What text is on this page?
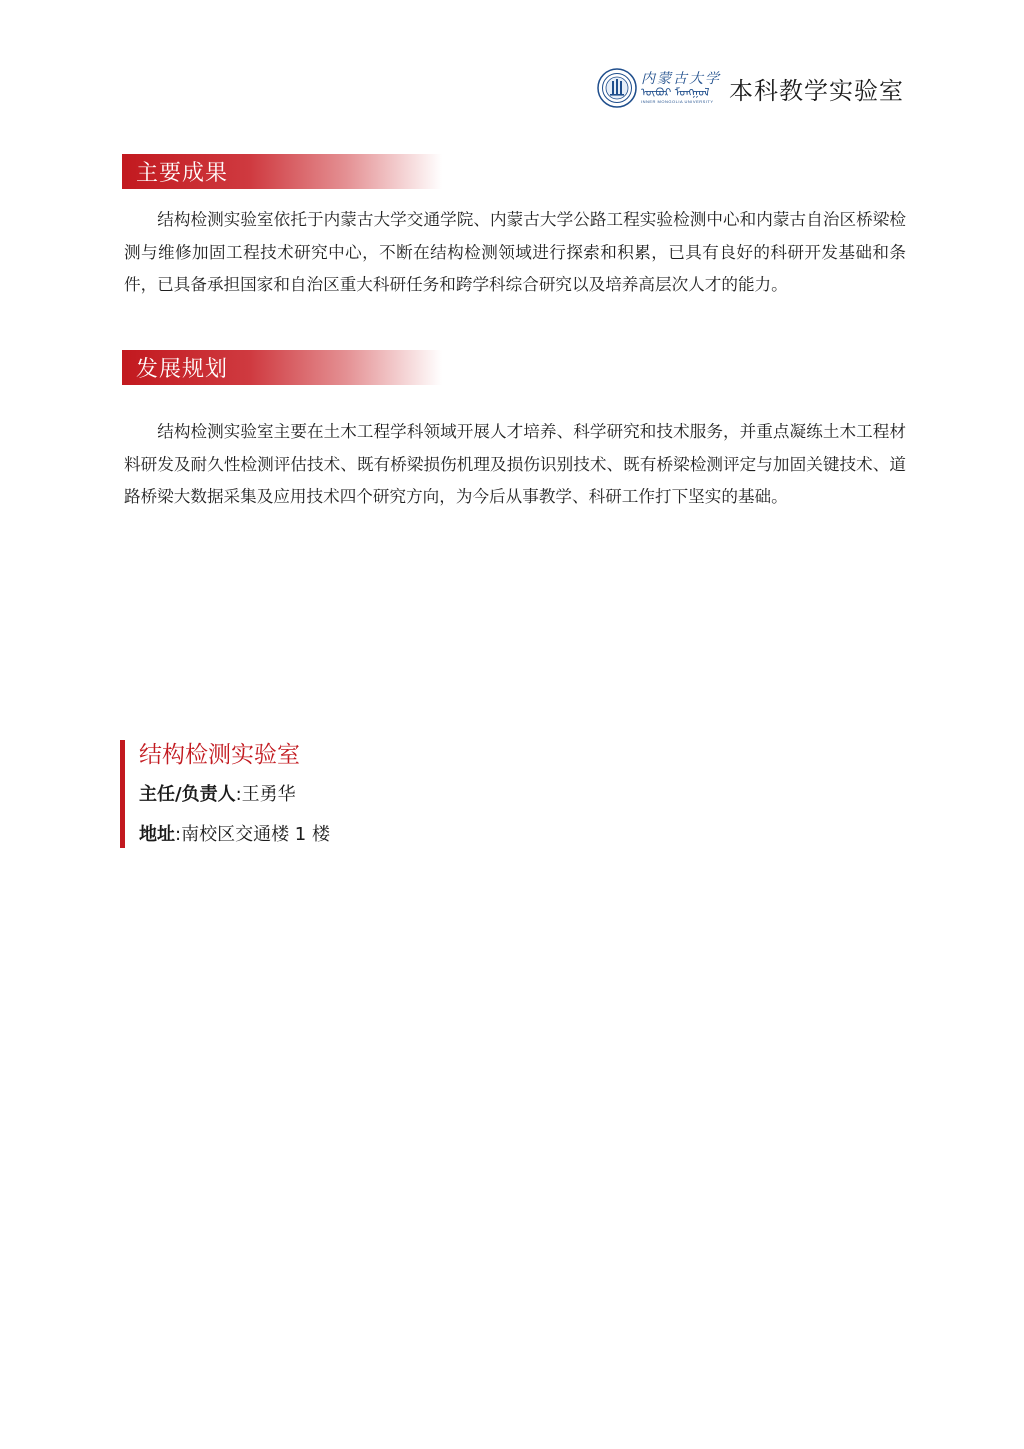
内蒙古大学
ᠦᠪᠦᠷ ᠮᠣᠩᠭᠣᠯ
INNER MONGOLIA UNIVERSITY 本科教学实验室
主要成果

结构检测实验室依托于内蒙古大学交通学院、内蒙古大学公路工程实验检测中心和内蒙古自治区桥梁检测与维修加固工程技术研究中心，不断在结构检测领域进行探索和积累，已具有良好的科研开发基础和条件，已具备承担国家和自治区重大科研任务和跨学科综合研究以及培养高层次人才的能力。

发展规划

结构检测实验室主要在土木工程学科领域开展人才培养、科学研究和技术服务，并重点凝练土木工程材料研发及耐久性检测评估技术、既有桥梁损伤机理及损伤识别技术、既有桥梁检测评定与加固关键技术、道路桥梁大数据采集及应用技术四个研究方向，为今后从事教学、科研工作打下坚实的基础。

结构检测实验室
主任/负责人:王勇华
地址:南校区交通楼 1 楼
